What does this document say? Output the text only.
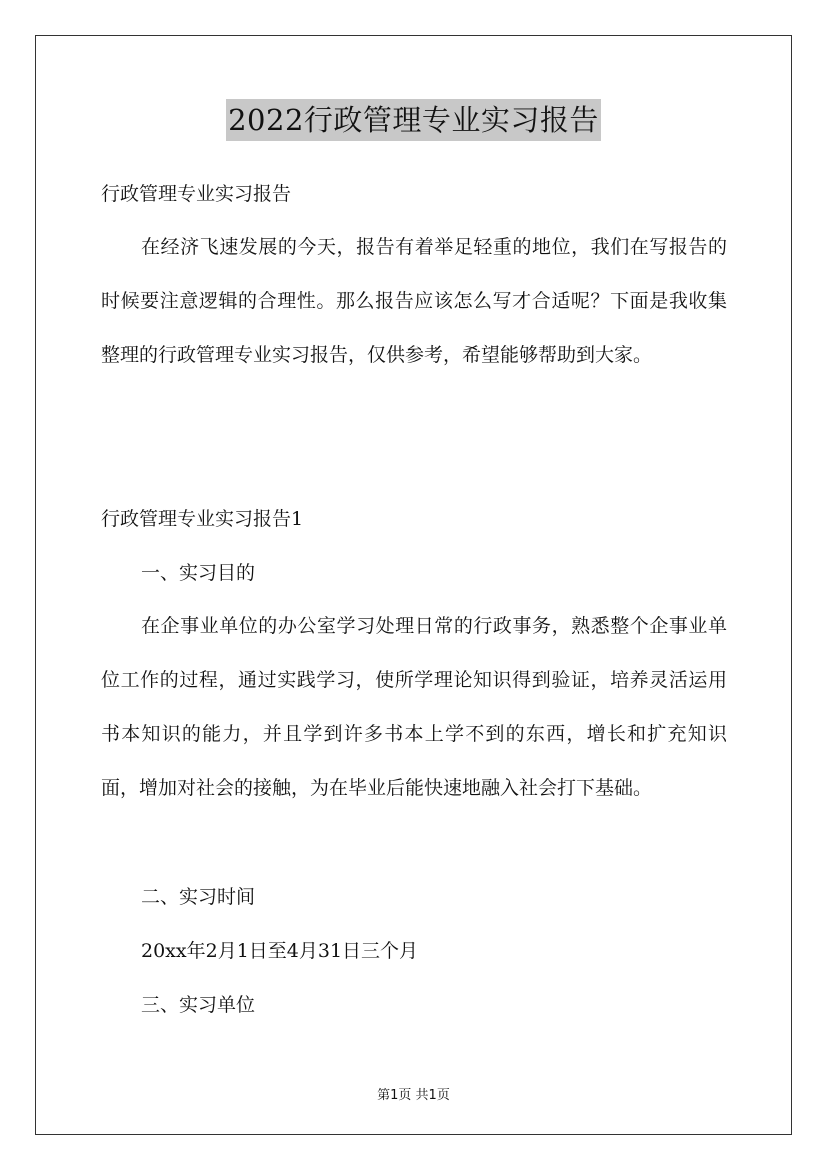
2022行政管理专业实习报告
行政管理专业实习报告
在经济飞速发展的今天，报告有着举足轻重的地位，我们在写报告的时候要注意逻辑的合理性。那么报告应该怎么写才合适呢？下面是我收集整理的行政管理专业实习报告，仅供参考，希望能够帮助到大家。
行政管理专业实习报告1
一、实习目的
在企事业单位的办公室学习处理日常的行政事务，熟悉整个企事业单位工作的过程，通过实践学习，使所学理论知识得到验证，培养灵活运用书本知识的能力，并且学到许多书本上学不到的东西，增长和扩充知识面，增加对社会的接触，为在毕业后能快速地融入社会打下基础。
二、实习时间
20xx年2月1日至4月31日三个月
三、实习单位
第1页 共1页
